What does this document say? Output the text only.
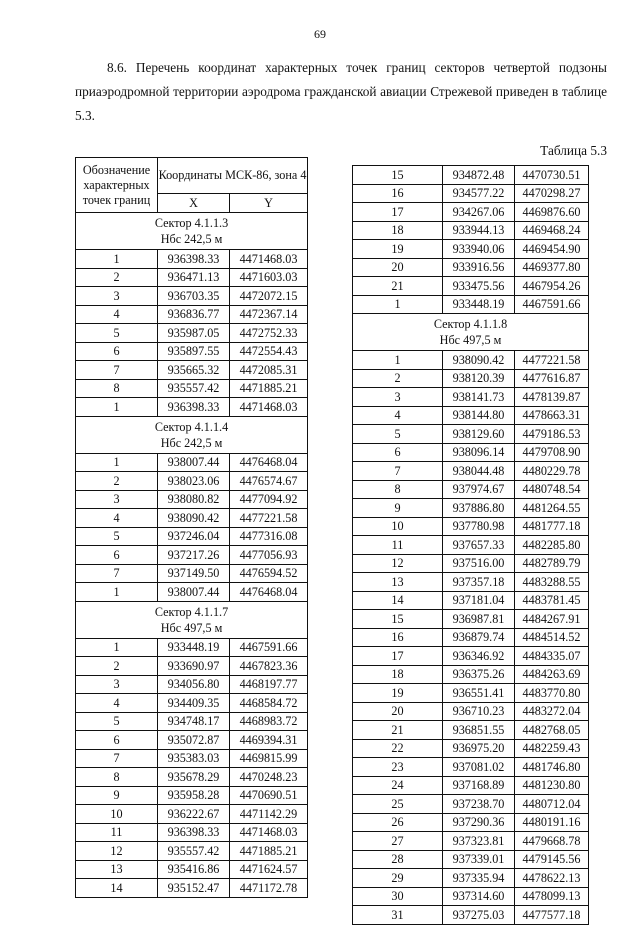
69
8.6. Перечень координат характерных точек границ секторов четвертой подзоны приаэродромной территории аэродрома гражданской авиации Стрежевой приведен в таблице 5.3.
Таблица 5.3
Обозначение характерных точек границ	Координаты МСК-86, зона 4	
	X	Y

Сектор 4.1.1.3
Нбс 242,5 м		

1	936398.33	4471468.03
2	936471.13	4471603.03
3	936703.35	4472072.15
4	936836.77	4472367.14
5	935987.05	4472752.33
6	935897.55	4472554.43
7	935665.32	4472085.31
8	935557.42	4471885.21
1	936398.33	4471468.03

Сектор 4.1.1.4
Нбс 242,5 м		

1	938007.44	4476468.04
2	938023.06	4476574.67
3	938080.82	4477094.92
4	938090.42	4477221.58
5	937246.04	4477316.08
6	937217.26	4477056.93
7	937149.50	4476594.52
1	938007.44	4476468.04

Сектор 4.1.1.7
Нбс 497,5 м		

1	933448.19	4467591.66
2	933690.97	4467823.36
3	934056.80	4468197.77
4	934409.35	4468584.72
5	934748.17	4468983.72
6	935072.87	4469394.31
7	935383.03	4469815.99
8	935678.29	4470248.23
9	935958.28	4470690.51
10	936222.67	4471142.29
11	936398.33	4471468.03
12	935557.42	4471885.21
13	935416.86	4471624.57
14	935152.47	4471172.78
15	934872.48	4470730.51
16	934577.22	4470298.27
17	934267.06	4469876.60
18	933944.13	4469468.24
19	933940.06	4469454.90
20	933916.56	4469377.80
21	933475.56	4467954.26
1	933448.19	4467591.66

Сектор 4.1.1.8
Нбс 497,5 м		

1	938090.42	4477221.58
2	938120.39	4477616.87
3	938141.73	4478139.87
4	938144.80	4478663.31
5	938129.60	4479186.53
6	938096.14	4479708.90
7	938044.48	4480229.78
8	937974.67	4480748.54
9	937886.80	4481264.55
10	937780.98	4481777.18
11	937657.33	4482285.80
12	937516.00	4482789.79
13	937357.18	4483288.55
14	937181.04	4483781.45
15	936987.81	4484267.91
16	936879.74	4484514.52
17	936346.92	4484335.07
18	936375.26	4484263.69
19	936551.41	4483770.80
20	936710.23	4483272.04
21	936851.55	4482768.05
22	936975.20	4482259.43
23	937081.02	4481746.80
24	937168.89	4481230.80
25	937238.70	4480712.04
26	937290.36	4480191.16
27	937323.81	4479668.78
28	937339.01	4479145.56
29	937335.94	4478622.13
30	937314.60	4478099.13
31	937275.03	4477577.18
